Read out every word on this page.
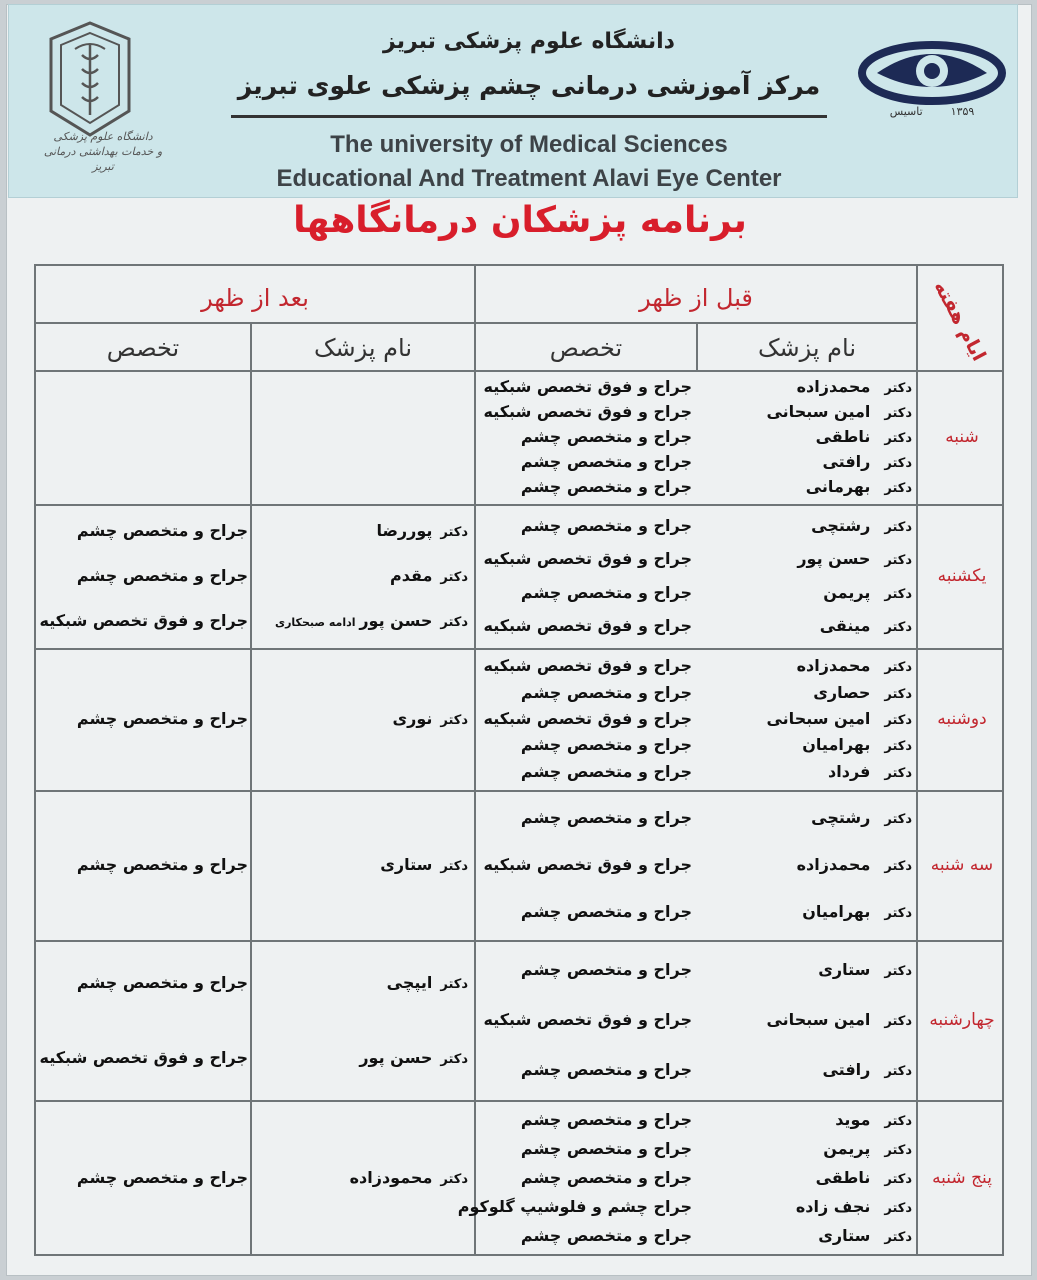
دانشگاه علوم پزشکی
و خدمات بهداشتی درمانی تبریز
دانشگاه علوم پزشکی تبریز
مرکز آموزشی درمانی چشم پزشکی علوی تبریز
The university of Medical Sciences
Educational And Treatment Alavi Eye Center
۱۳۵۹        تاسیس
برنامه پزشکان درمانگاهها
ایام هفته
قبل از ظهر
بعد از ظهر
نام پزشک
تخصص
نام پزشک
تخصص
شنبه
دکترمحمدزاده
جراح و فوق تخصص شبکیه
دکترامین سبحانی
جراح و فوق تخصص شبکیه
دکترناطقی
جراح و متخصص چشم
دکتررافتی
جراح و متخصص چشم
دکتربهرمانی
جراح و متخصص چشم
یکشنبه
دکتررشتچی
جراح و متخصص چشم
دکترحسن پور
جراح و فوق تخصص شبکیه
دکترپریمن
جراح و متخصص چشم
دکترمینقی
جراح و فوق تخصص شبکیه
دکترپوررضا
جراح و متخصص چشم
دکترمقدم
جراح و متخصص چشم
دکترحسن پور ادامه صبحکاری
جراح و فوق تخصص شبکیه
دوشنبه
دکترمحمدزاده
جراح و فوق تخصص شبکیه
دکترحصاری
جراح و متخصص چشم
دکترامین سبحانی
جراح و فوق تخصص شبکیه
دکتربهرامیان
جراح و متخصص چشم
دکترفرداد
جراح و متخصص چشم
دکترنوری
جراح و متخصص چشم
سه شنبه
دکتررشتچی
جراح و متخصص چشم
دکترمحمدزاده
جراح و فوق تخصص شبکیه
دکتربهرامیان
جراح و متخصص چشم
دکترستاری
جراح و متخصص چشم
چهارشنبه
دکترستاری
جراح و متخصص چشم
دکترامین سبحانی
جراح و فوق تخصص شبکیه
دکتررافتی
جراح و متخصص چشم
دکترایپچی
جراح و متخصص چشم
دکترحسن پور
جراح و فوق تخصص شبکیه
پنج شنبه
دکترموید
جراح و متخصص چشم
دکترپریمن
جراح و متخصص چشم
دکترناطقی
جراح و متخصص چشم
دکترنجف زاده
جراح چشم و فلوشیپ گلوکوم
دکترستاری
جراح و متخصص چشم
دکترمحمودزاده
جراح و متخصص چشم
